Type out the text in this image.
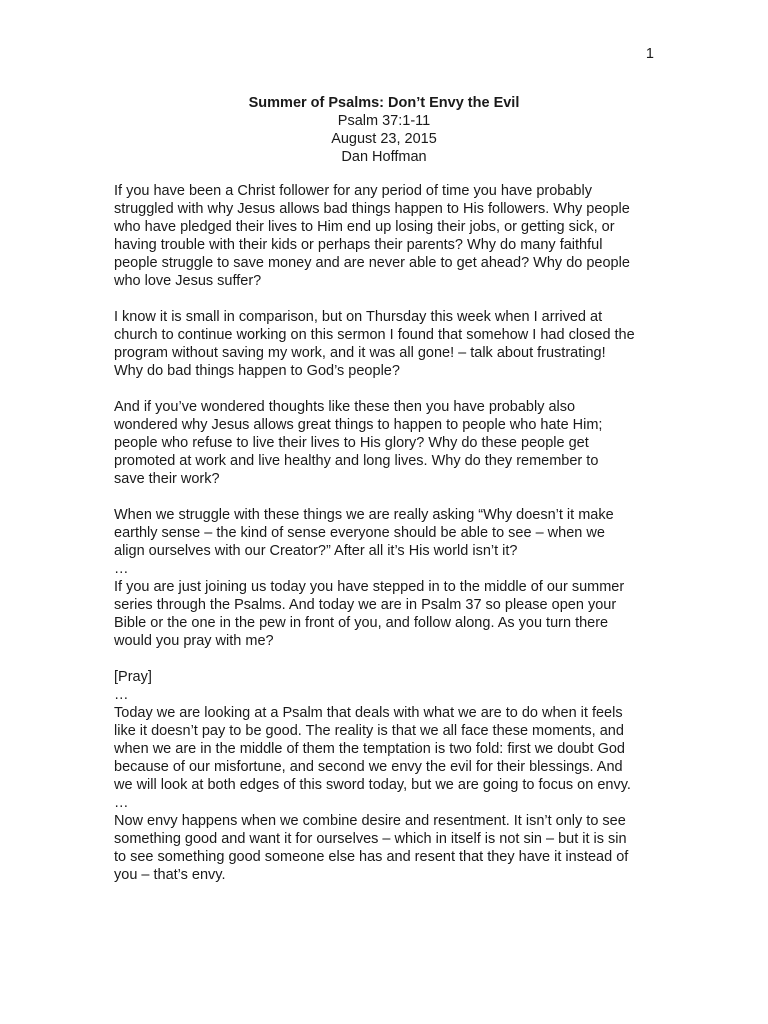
1
Summer of Psalms: Don’t Envy the Evil
Psalm 37:1-11
August 23, 2015
Dan Hoffman
If you have been a Christ follower for any period of time you have probably
struggled with why Jesus allows bad things happen to His followers. Why people
who have pledged their lives to Him end up losing their jobs, or getting sick, or
having trouble with their kids or perhaps their parents? Why do many faithful
people struggle to save money and are never able to get ahead? Why do people
who love Jesus suffer?
I know it is small in comparison, but on Thursday this week when I arrived at
church to continue working on this sermon I found that somehow I had closed the
program without saving my work, and it was all gone! – talk about frustrating!
Why do bad things happen to God’s people?
And if you’ve wondered thoughts like these then you have probably also
wondered why Jesus allows great things to happen to people who hate Him;
people who refuse to live their lives to His glory? Why do these people get
promoted at work and live healthy and long lives. Why do they remember to
save their work?
When we struggle with these things we are really asking “Why doesn’t it make
earthly sense – the kind of sense everyone should be able to see – when we
align ourselves with our Creator?” After all it’s His world isn’t it?
…
If you are just joining us today you have stepped in to the middle of our summer
series through the Psalms. And today we are in Psalm 37 so please open your
Bible or the one in the pew in front of you, and follow along. As you turn there
would you pray with me?
[Pray]
…
Today we are looking at a Psalm that deals with what we are to do when it feels
like it doesn’t pay to be good. The reality is that we all face these moments, and
when we are in the middle of them the temptation is two fold: first we doubt God
because of our misfortune, and second we envy the evil for their blessings. And
we will look at both edges of this sword today, but we are going to focus on envy.
…
Now envy happens when we combine desire and resentment. It isn’t only to see
something good and want it for ourselves – which in itself is not sin – but it is sin
to see something good someone else has and resent that they have it instead of
you – that’s envy.
